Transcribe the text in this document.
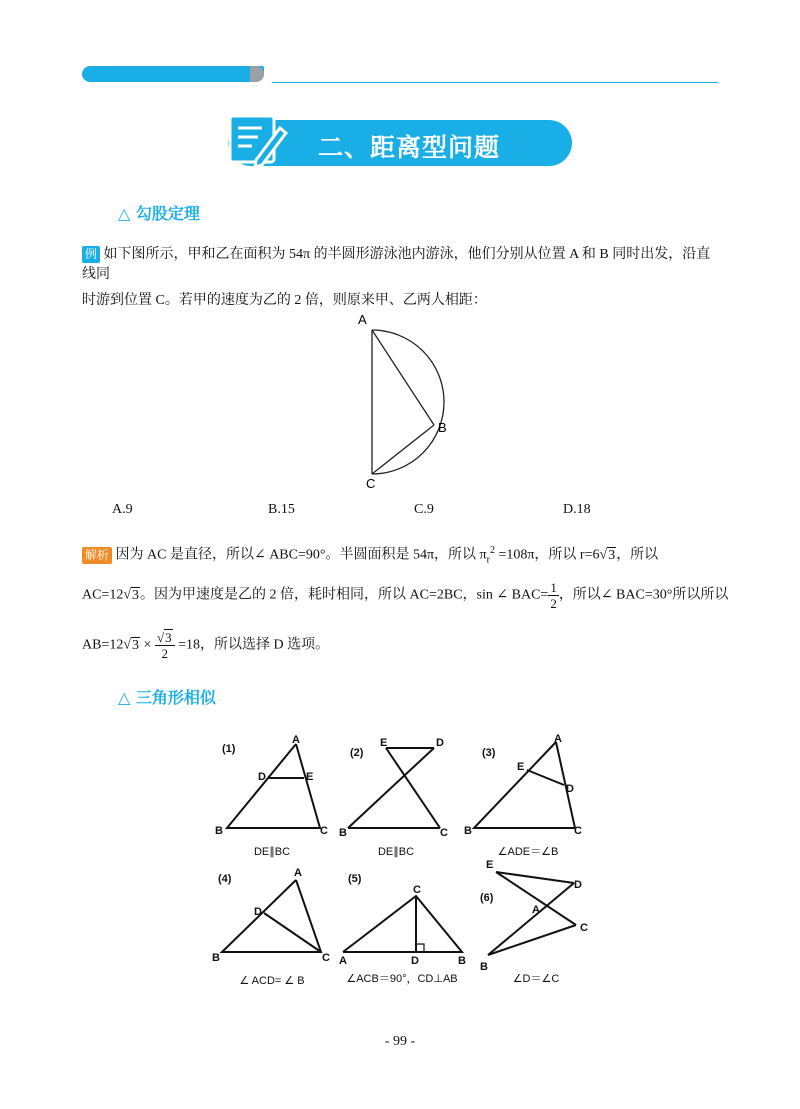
二、距离型问题
△ 勾股定理
例 如下图所示，甲和乙在面积为 54π 的半圆形游泳池内游泳，他们分别从位置 A 和 B 同时出发，沿直线同
时游到位置 C。若甲的速度为乙的 2 倍，则原来甲、乙两人相距：
A
B
C
A.9	B.15	C.9	D.18
解析 因为 AC 是直径，所以∠ ABC=90°。半圆面积是 54π，所以 $\pi_r^2 =108\pi$，所以 r=6√3，所以
AC=12√3。因为甲速度是乙的 2 倍，耗时相同，所以 AC=2BC，sin ∠ $BAC= \frac{1}{2}$ ，所以∠ BAC=30°所以所以
$AB=12√3 \times \frac{√3}{2} =18$，所以选择 D 选项。
△ 三角形相似
(1)
A
D	E
B	C
(2)
E	D
B	C
(3)
A
E
D
B	C
(4)	A
D
B	C
(5)
C
A	D	B
E
D
(6)
A
C
B
DE∥BC	DE∥BC	∠ADE＝∠B
∠ ACD= ∠ B	∠ACB＝90°，CD⊥AB	∠D＝∠C
- 99 -
